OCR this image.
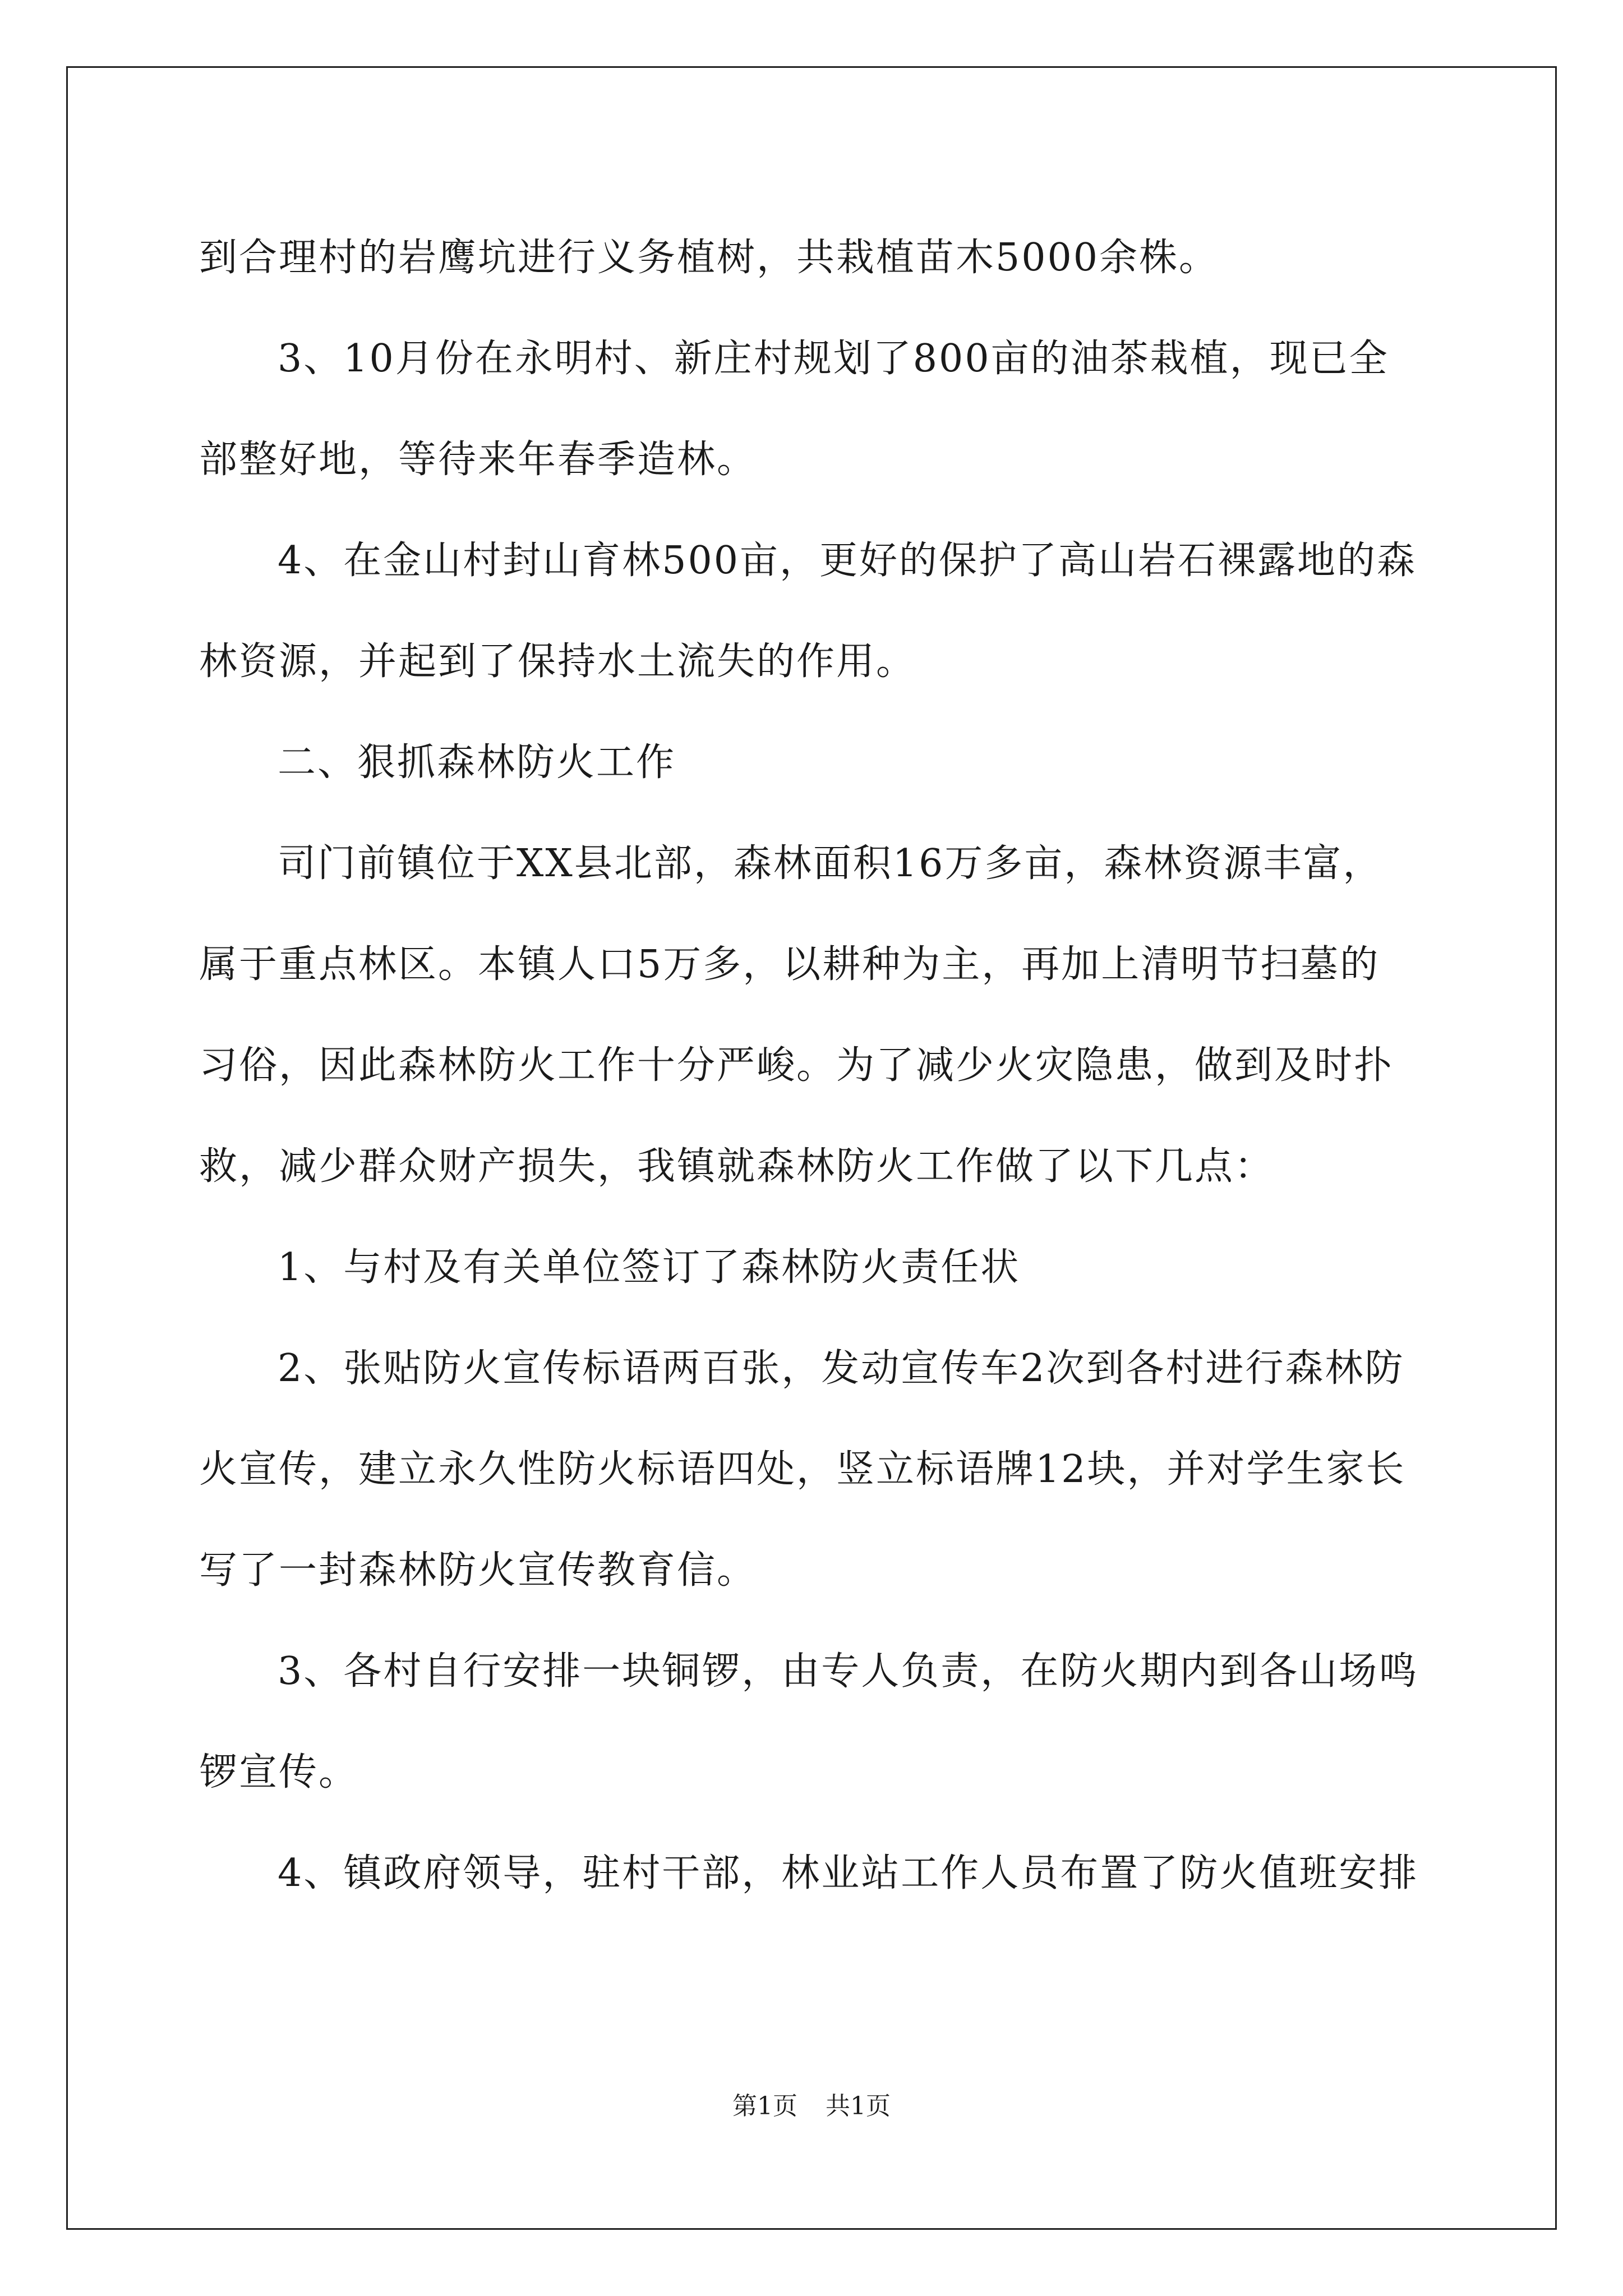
到合理村的岩鹰坑进行义务植树，共栽植苗木5000余株。

3、10月份在永明村、新庄村规划了800亩的油茶栽植，现已全

部整好地，等待来年春季造林。

4、在金山村封山育林500亩，更好的保护了高山岩石裸露地的森

林资源，并起到了保持水土流失的作用。

二、狠抓森林防火工作

司门前镇位于XX县北部，森林面积16万多亩，森林资源丰富，

属于重点林区。本镇人口5万多，以耕种为主，再加上清明节扫墓的

习俗，因此森林防火工作十分严峻。为了减少火灾隐患，做到及时扑

救，减少群众财产损失，我镇就森林防火工作做了以下几点：

1、与村及有关单位签订了森林防火责任状

2、张贴防火宣传标语两百张，发动宣传车2次到各村进行森林防

火宣传，建立永久性防火标语四处，竖立标语牌12块，并对学生家长

写了一封森林防火宣传教育信。

3、各村自行安排一块铜锣，由专人负责，在防火期内到各山场鸣

锣宣传。

4、镇政府领导，驻村干部，林业站工作人员布置了防火值班安排

第1页 共1页
